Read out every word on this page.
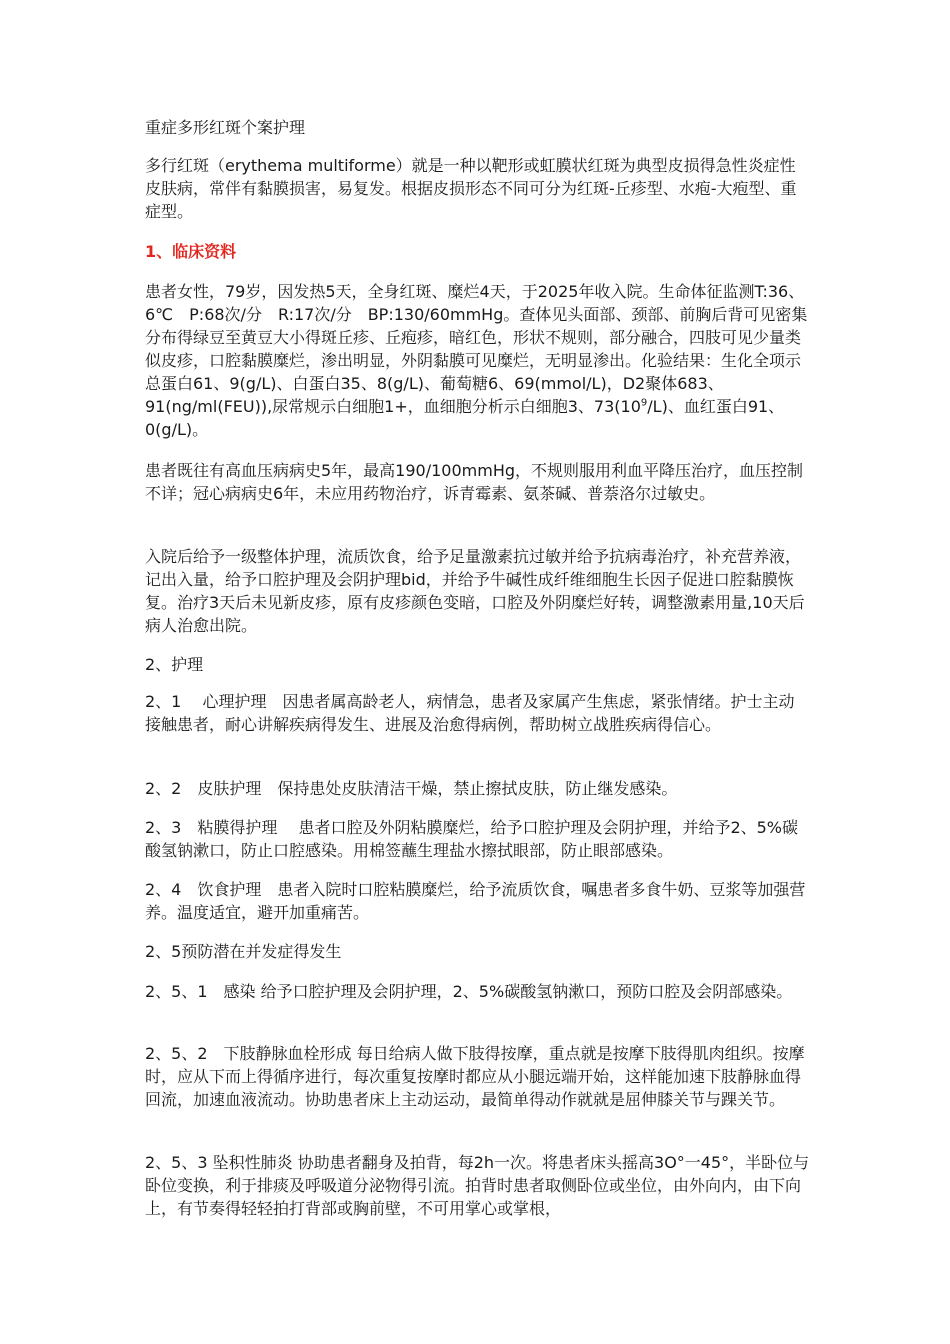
重症多形红斑个案护理

多行红斑（erythema multiforme）就是一种以靶形或虹膜状红斑为典型皮损得急性炎症性皮肤病，常伴有黏膜损害，易复发。根据皮损形态不同可分为红斑-丘疹型、水疱-大疱型、重症型。

1、临床资料

患者女性，79岁，因发热5天，全身红斑、糜烂4天，于2025年收入院。生命体征监测T:36、6℃　P:68次/分　R:17次/分　BP:130/60mmHg。查体见头面部、颈部、前胸后背可见密集分布得绿豆至黄豆大小得斑丘疹、丘疱疹，暗红色，形状不规则，部分融合，四肢可见少量类似皮疹，口腔黏膜糜烂，渗出明显，外阴黏膜可见糜烂，无明显渗出。化验结果：生化全项示总蛋白61、9(g/L)、白蛋白35、8(g/L)、葡萄糖6、69(mmol/L)，D2聚体683、91(ng/ml(FEU)),尿常规示白细胞1+，血细胞分析示白细胞3、$73(10^9/L)$、血红蛋白91、0(g/L)。

患者既往有高血压病病史5年，最高190/100mmHg，不规则服用利血平降压治疗，血压控制不详；冠心病病史6年，未应用药物治疗，诉青霉素、氨茶碱、普萘洛尔过敏史。

入院后给予一级整体护理，流质饮食，给予足量激素抗过敏并给予抗病毒治疗，补充营养液，记出入量，给予口腔护理及会阴护理bid，并给予牛碱性成纤维细胞生长因子促进口腔黏膜恢复。治疗3天后未见新皮疹，原有皮疹颜色变暗，口腔及外阴糜烂好转，调整激素用量,10天后病人治愈出院。

2、护理

2、1　 心理护理　因患者属高龄老人，病情急，患者及家属产生焦虑，紧张情绪。护士主动接触患者，耐心讲解疾病得发生、进展及治愈得病例，帮助树立战胜疾病得信心。

2、2　皮肤护理　保持患处皮肤清洁干燥，禁止擦拭皮肤，防止继发感染。

2、3　粘膜得护理　 患者口腔及外阴粘膜糜烂，给予口腔护理及会阴护理，并给予2、5%碳酸氢钠漱口，防止口腔感染。用棉签蘸生理盐水擦拭眼部，防止眼部感染。

2、4　饮食护理　患者入院时口腔粘膜糜烂，给予流质饮食，嘱患者多食牛奶、豆浆等加强营养。温度适宜，避开加重痛苦。

2、5预防潜在并发症得发生

2、5、1　感染 给予口腔护理及会阴护理，2、5%碳酸氢钠漱口，预防口腔及会阴部感染。

2、5、2　下肢静脉血栓形成 每日给病人做下肢得按摩，重点就是按摩下肢得肌肉组织。按摩时，应从下而上得循序进行，每次重复按摩时都应从小腿远端开始，这样能加速下肢静脉血得回流，加速血液流动。协助患者床上主动运动，最简单得动作就就是屈伸膝关节与踝关节。

2、5、3 坠积性肺炎 协助患者翻身及拍背，每2h一次。将患者床头摇高3O°一45°，半卧位与卧位变换，利于排痰及呼吸道分泌物得引流。拍背时患者取侧卧位或坐位，由外向内，由下向上，有节奏得轻轻拍打背部或胸前壁，不可用掌心或掌根，
